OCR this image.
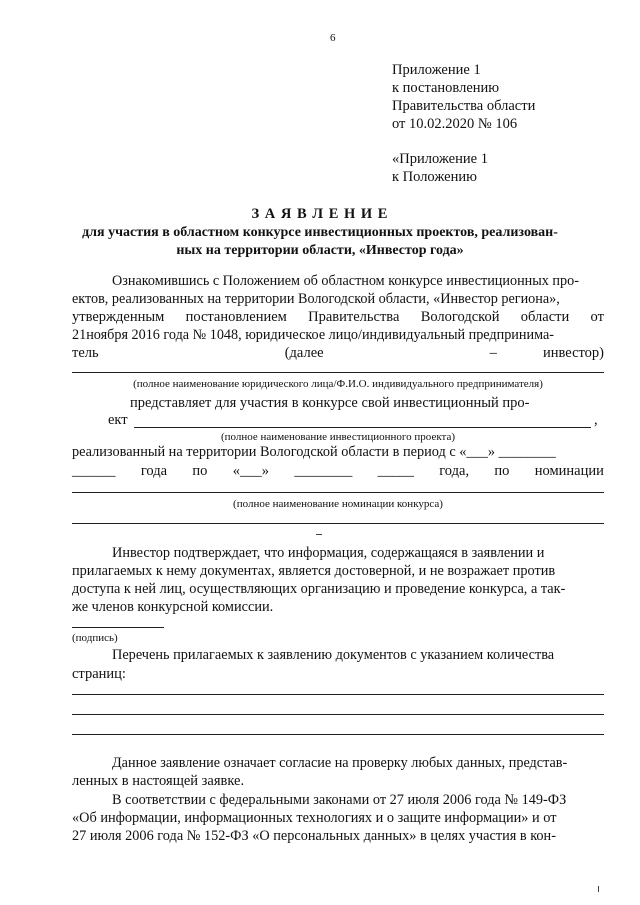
6
Приложение 1
к постановлению
Правительства области
от 10.02.2020 № 106
«Приложение 1
к Положению
З А Я В Л Е Н И Е
для участия в областном конкурсе инвестиционных проектов, реализован-
ных на территории области, «Инвестор года»
Ознакомившись с Положением об областном конкурсе инвестиционных про-
ектов, реализованных на территории Вологодской области, «Инвестор региона»,
утвержденным постановлением Правительства Вологодской области от
21ноября 2016 года № 1048, юридическое лицо/индивидуальный предпринима-
тель	(далее	–	инвестор)
(полное наименование юридического лица/Ф.И.О. индивидуального предпринимателя)
представляет для участия в конкурсе свой инвестиционный про-
ект	,
(полное наименование инвестиционного проекта)
реализованный на территории Вологодской области в период с «___» ________
______ года по «___» ________ _____ года, по номинации
(полное наименование номинации конкурса)
Инвестор подтверждает, что информация, содержащаяся в заявлении и
прилагаемых к нему документах, является достоверной, и не возражает против
доступа к ней лиц, осуществляющих организацию и проведение конкурса, а так-
же членов конкурсной комиссии.
(подпись)
Перечень прилагаемых к заявлению документов с указанием количества
страниц:
Данное заявление означает согласие на проверку любых данных, представ-
ленных в настоящей заявке.
В соответствии с федеральными законами от 27 июля 2006 года № 149-ФЗ
«Об информации, информационных технологиях и о защите информации» и от
27 июля 2006 года № 152-ФЗ «О персональных данных» в целях участия в кон-
